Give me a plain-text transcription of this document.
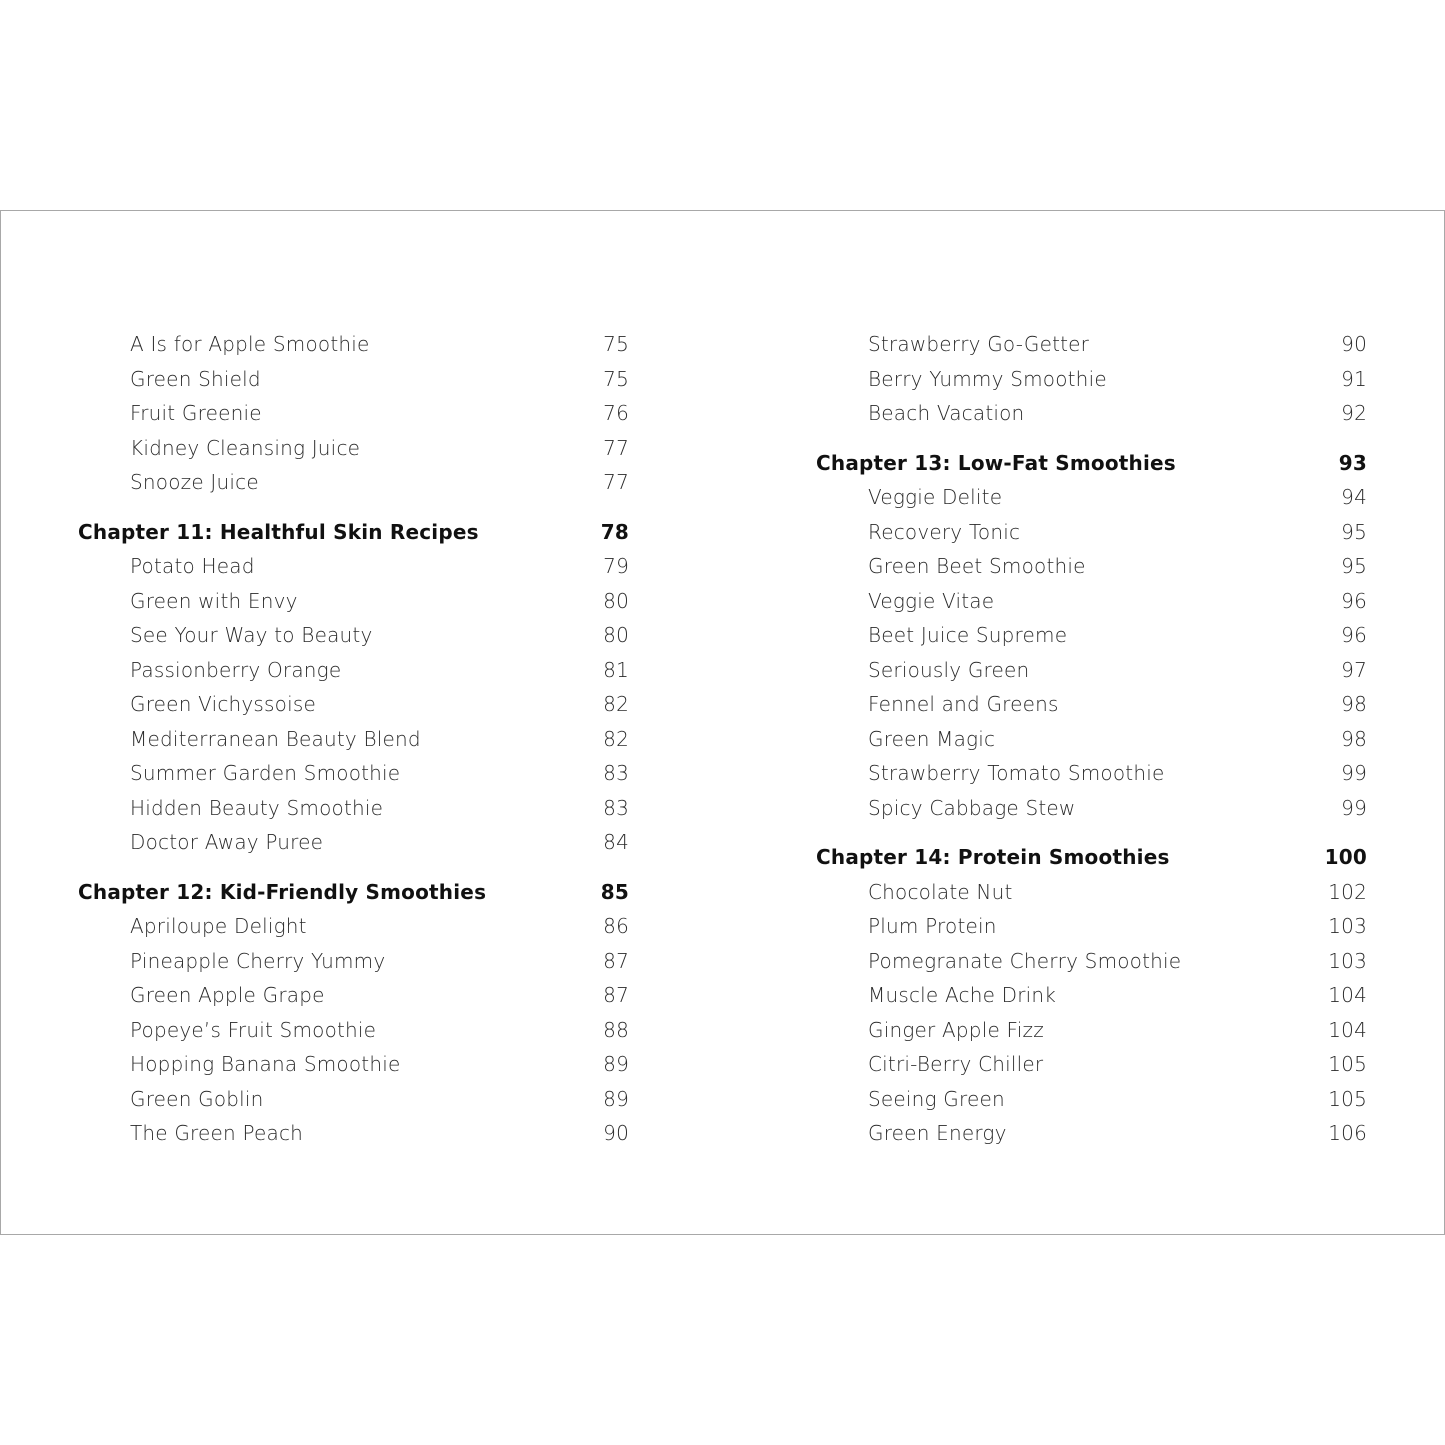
A Is for Apple Smoothie	75
Green Shield	75
Fruit Greenie	76
Kidney Cleansing Juice	77
Snooze Juice	77
Chapter 11: Healthful Skin Recipes	78
Potato Head	79
Green with Envy	80
See Your Way to Beauty	80
Passionberry Orange	81
Green Vichyssoise	82
Mediterranean Beauty Blend	82
Summer Garden Smoothie	83
Hidden Beauty Smoothie	83
Doctor Away Puree	84
Chapter 12: Kid-Friendly Smoothies	85
Apriloupe Delight	86
Pineapple Cherry Yummy	87
Green Apple Grape	87
Popeye’s Fruit Smoothie	88
Hopping Banana Smoothie	89
Green Goblin	89
The Green Peach	90
Strawberry Go-Getter	90
Berry Yummy Smoothie	91
Beach Vacation	92
Chapter 13: Low-Fat Smoothies	93
Veggie Delite	94
Recovery Tonic	95
Green Beet Smoothie	95
Veggie Vitae	96
Beet Juice Supreme	96
Seriously Green	97
Fennel and Greens	98
Green Magic	98
Strawberry Tomato Smoothie	99
Spicy Cabbage Stew	99
Chapter 14: Protein Smoothies	100
Chocolate Nut	102
Plum Protein	103
Pomegranate Cherry Smoothie	103
Muscle Ache Drink	104
Ginger Apple Fizz	104
Citri-Berry Chiller	105
Seeing Green	105
Green Energy	106
